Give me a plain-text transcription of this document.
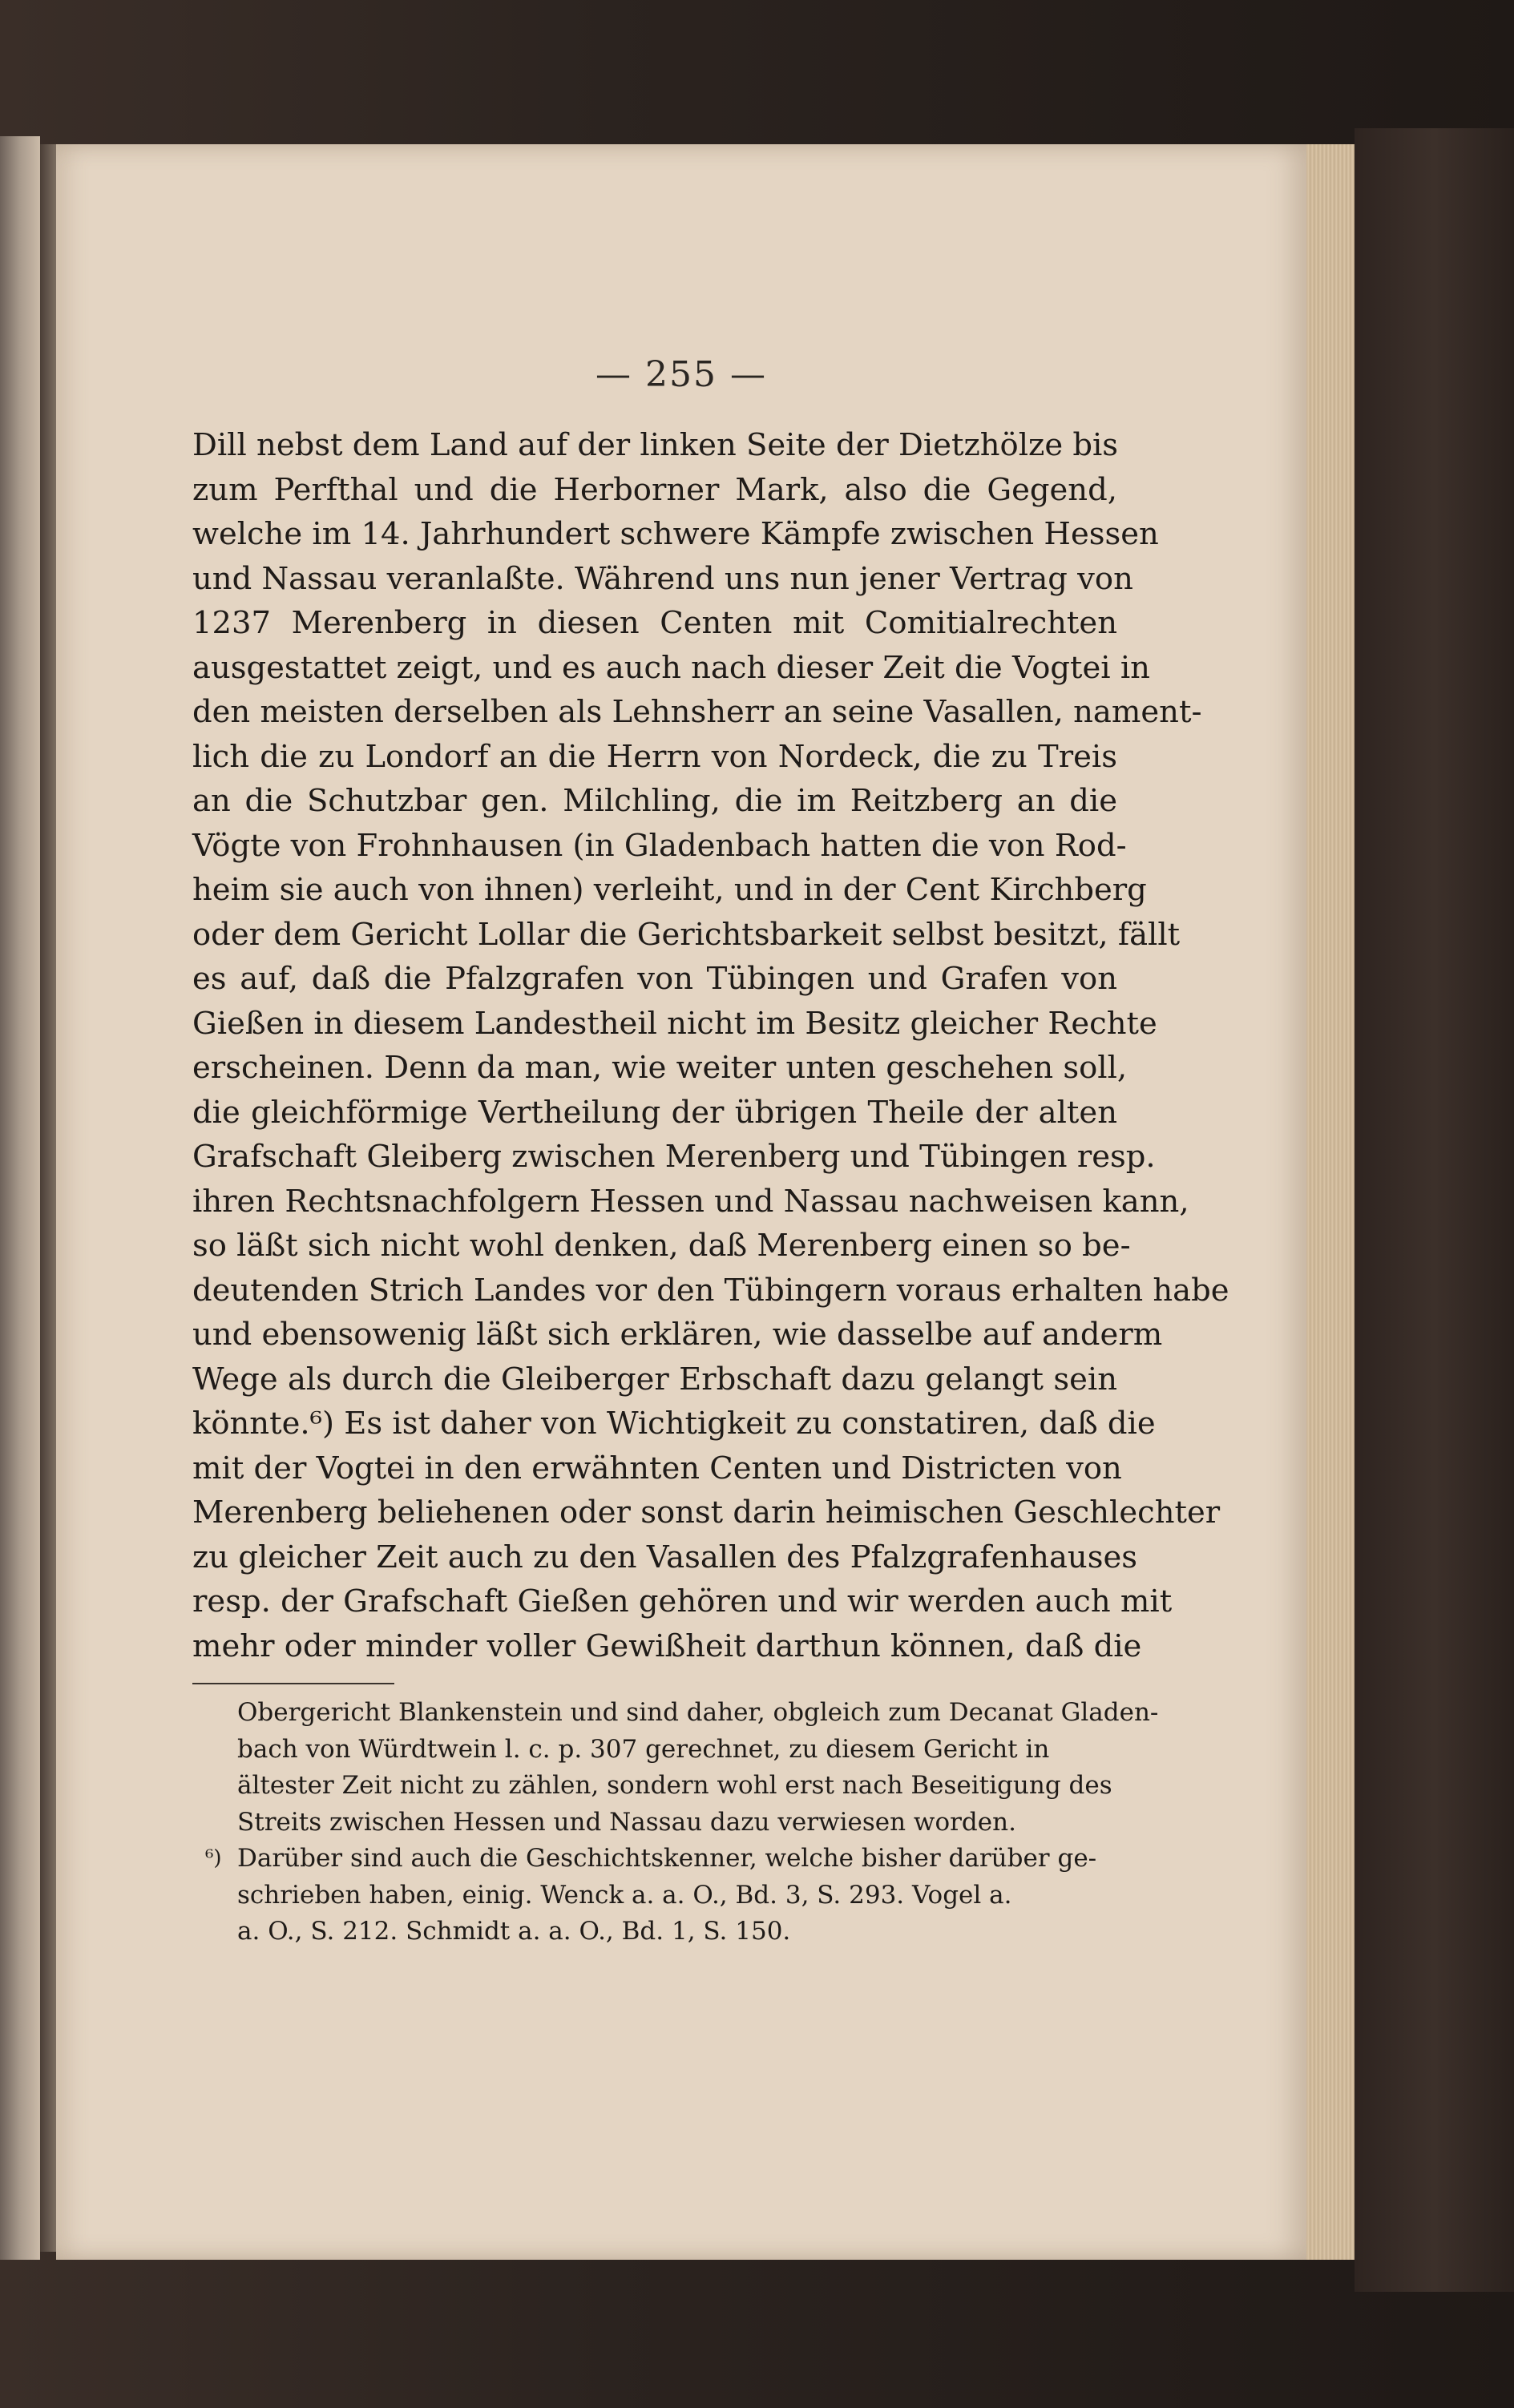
— 255 —
Dill nebst dem Land auf der linken Seite der Dietzhölze bis
zum Perfthal und die Herborner Mark, also die Gegend,
welche im 14. Jahrhundert schwere Kämpfe zwischen Hessen
und Nassau veranlaßte. Während uns nun jener Vertrag von
1237 Merenberg in diesen Centen mit Comitialrechten
ausgestattet zeigt, und es auch nach dieser Zeit die Vogtei in
den meisten derselben als Lehnsherr an seine Vasallen, nament-
lich die zu Londorf an die Herrn von Nordeck, die zu Treis
an die Schutzbar gen. Milchling, die im Reitzberg an die
Vögte von Frohnhausen (in Gladenbach hatten die von Rod-
heim sie auch von ihnen) verleiht, und in der Cent Kirchberg
oder dem Gericht Lollar die Gerichtsbarkeit selbst besitzt, fällt
es auf, daß die Pfalzgrafen von Tübingen und Grafen von
Gießen in diesem Landestheil nicht im Besitz gleicher Rechte
erscheinen. Denn da man, wie weiter unten geschehen soll,
die gleichförmige Vertheilung der übrigen Theile der alten
Grafschaft Gleiberg zwischen Merenberg und Tübingen resp.
ihren Rechtsnachfolgern Hessen und Nassau nachweisen kann,
so läßt sich nicht wohl denken, daß Merenberg einen so be-
deutenden Strich Landes vor den Tübingern voraus erhalten habe
und ebensowenig läßt sich erklären, wie dasselbe auf anderm
Wege als durch die Gleiberger Erbschaft dazu gelangt sein
könnte.⁶) Es ist daher von Wichtigkeit zu constatiren, daß die
mit der Vogtei in den erwähnten Centen und Districten von
Merenberg beliehenen oder sonst darin heimischen Geschlechter
zu gleicher Zeit auch zu den Vasallen des Pfalzgrafenhauses
resp. der Grafschaft Gießen gehören und wir werden auch mit
mehr oder minder voller Gewißheit darthun können, daß die
Obergericht Blankenstein und sind daher, obgleich zum Decanat Gladen-
bach von Würdtwein l. c. p. 307 gerechnet, zu diesem Gericht in
ältester Zeit nicht zu zählen, sondern wohl erst nach Beseitigung des
Streits zwischen Hessen und Nassau dazu verwiesen worden.
⁶) Darüber sind auch die Geschichtskenner, welche bisher darüber ge-
schrieben haben, einig. Wenck a. a. O., Bd. 3, S. 293. Vogel a.
a. O., S. 212. Schmidt a. a. O., Bd. 1, S. 150.
